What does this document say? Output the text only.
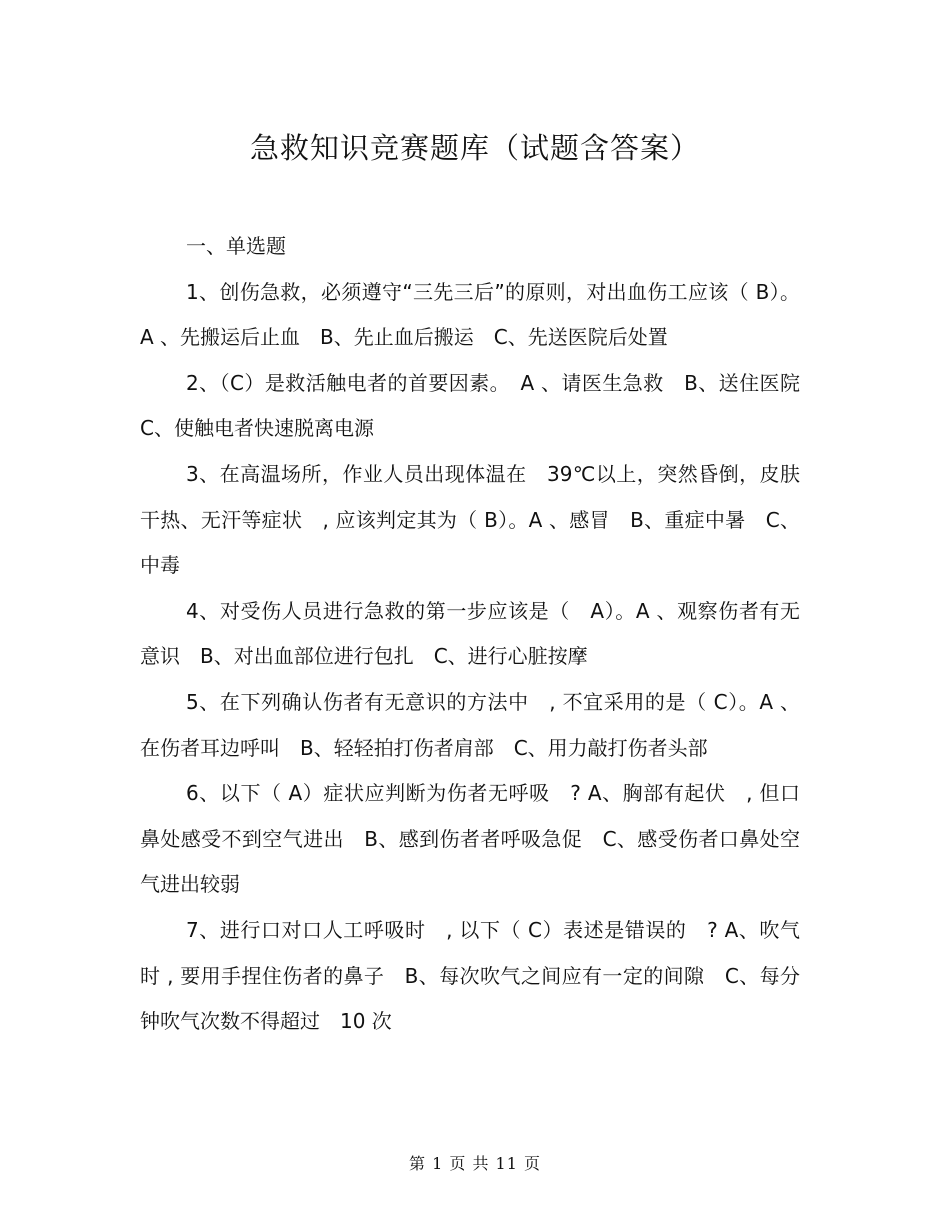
急救知识竞赛题库（试题含答案）

一、单选题

1、创伤急救，必须遵守“三先三后”的原则，对出血伤工应该（ B）。A 、先搬运后止血　B、先止血后搬运　C、先送医院后处置

2、（C）是救活触电者的首要因素。　A 、请医生急救　B、送住医院　C、使触电者快速脱离电源

3、在高温场所，作业人员出现体温在　39℃以上，突然昏倒，皮肤干热、无汗等症状　, 应该判定其为（ B）。A 、感冒　B、重症中暑　C、中毒

4、对受伤人员进行急救的第一步应该是（　A）。A 、观察伤者有无意识　B、对出血部位进行包扎　C、进行心脏按摩

5、在下列确认伤者有无意识的方法中　, 不宜采用的是（ C）。A 、在伤者耳边呼叫　B、轻轻拍打伤者肩部　C、用力敲打伤者头部

6、以下（ A）症状应判断为伤者无呼吸　? A、胸部有起伏　, 但口鼻处感受不到空气进出　B、感到伤者者呼吸急促　C、感受伤者口鼻处空气进出较弱

7、进行口对口人工呼吸时　, 以下（ C）表述是错误的　? A、吹气时 , 要用手捏住伤者的鼻子　B、每次吹气之间应有一定的间隙　C、每分钟吹气次数不得超过　10 次

第 1 页 共 11 页
